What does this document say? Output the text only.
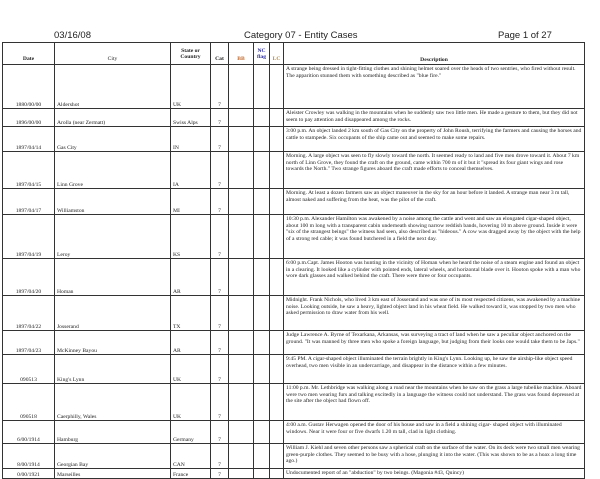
03/16/08	Category 07 - Entity Cases	Page 1 of 27
Date	City	State or Country	Cat	BB	NC flag	LC	Description
1880/00/00	Aldershot	UK	7				A strange being dressed in tight-fitting clothes and shining helmet soared over the heads of two sentries, who fired without result. The apparition stunned them with something described as "blue fire."
1896/00/00	Arolla (near Zermatt)	Swiss Alps	7				Aleister Crowley was walking in the mountains when he suddenly saw two little men. He made a gesture to them, but they did not seem to pay attention and disappeared among the rocks.
1897/04/14	Gas City	IN	7				3:00 p.m. An object landed 2 km south of Gas City on the property of John Roush, terrifying the farmers and causing the horses and cattle to stampede. Six occupants of the ship came out and seemed to make some repairs.
1897/04/15	Linn Grove	IA	7				Morning. A large object was seen to fly slowly toward the north. It seemed ready to land and five men drove toward it. About 7 km north of Linn Grove, they found the craft on the ground, came within 700 m of it but it "spread its four giant wings and rose towards the North." Two strange figures aboard the craft made efforts to conceal themselves.
1897/04/17	Williamston	MI	7				Morning. At least a dozen farmers saw an object maneuver in the sky for an hour before it landed. A strange man near 3 m tall, almost naked and suffering from the heat, was the pilot of the craft.
1897/04/19	Leroy	KS	7				10:30 p.m. Alexander Hamilton was awakened by a noise among the cattle and went and saw an elongated cigar-shaped object, about 100 m long with a transparent cabin underneath showing narrow reddish bands, hovering 10 m above ground. Inside it were "six of the strangest beings" the witness had seen, also described as "hideous." A cow was dragged away by the object with the help of a strong red cable; it was found butchered in a field the next day.
1897/04/20	Homan	AR	7				6:00 p.m.Capt. James Hooton was hunting in the vicinity of Homan when he heard the noise of a steam engine and found an object in a clearing. It looked like a cylinder with pointed ends, lateral wheels, and horizontal blade over it. Hooton spoke with a man who wore dark glasses and walked behind the craft. There were three or four occupants.
1897/04/22	Josserand	TX	7				Midnight. Frank Nichols, who lived 3 km east of Josserand and was one of its most respected citizens, was awakened by a machine noise. Looking outside, he saw a heavy, lighted object land in his wheat field. He walked toward it, was stopped by two men who asked permission to draw water from his well.
1897/04/23	McKinney Bayou	AR	7				Judge Lawrence A. Byrne of Texarkana, Arkansas, was surveying a tract of land when he saw a peculiar object anchored on the ground. "It was manned by three men who spoke a foreign language, but judging from their looks one would take them to be Japs."
090513	King's Lynn	UK	7				9:45 PM. A cigar-shaped object illuminated the terrain brightly in King's Lynn. Looking up, he saw the airship-like object speed overhead, two men visible in an undercarriage, and disappear in the distance within a few minutes.
090518	Caerphilly, Wales	UK	7				11:00 p.m. Mr. Lethbridge was walking along a road near the mountains when he saw on the grass a large tubelike machine. Aboard were two men wearing furs and talking excitedly in a language the witness could not understand. The grass was found depressed at the site after the object had flown off.
6/00/1914	Hamburg	Germany	7				4:00 a.m. Gustav Herwagen opened the door of his house and saw in a field a shining cigar- shaped object with illuminated windows. Near it were four or five dwarfs 1.20 m tall, clad in light clothing.
8/00/1914	Georgian Bay	CAN	7				William J. Kiehl and seven other persons saw a spherical craft on the surface of the water. On its deck were two small men wearing green-purple clothes. They seemed to be busy with a hose, plunging it into the water. (This was shown to be as a hoax a long time ago.)
0/00/1921	Marseilles	France	7				Undocumented report of an "abduction" by two beings. (Magonia #43, Quincy)
